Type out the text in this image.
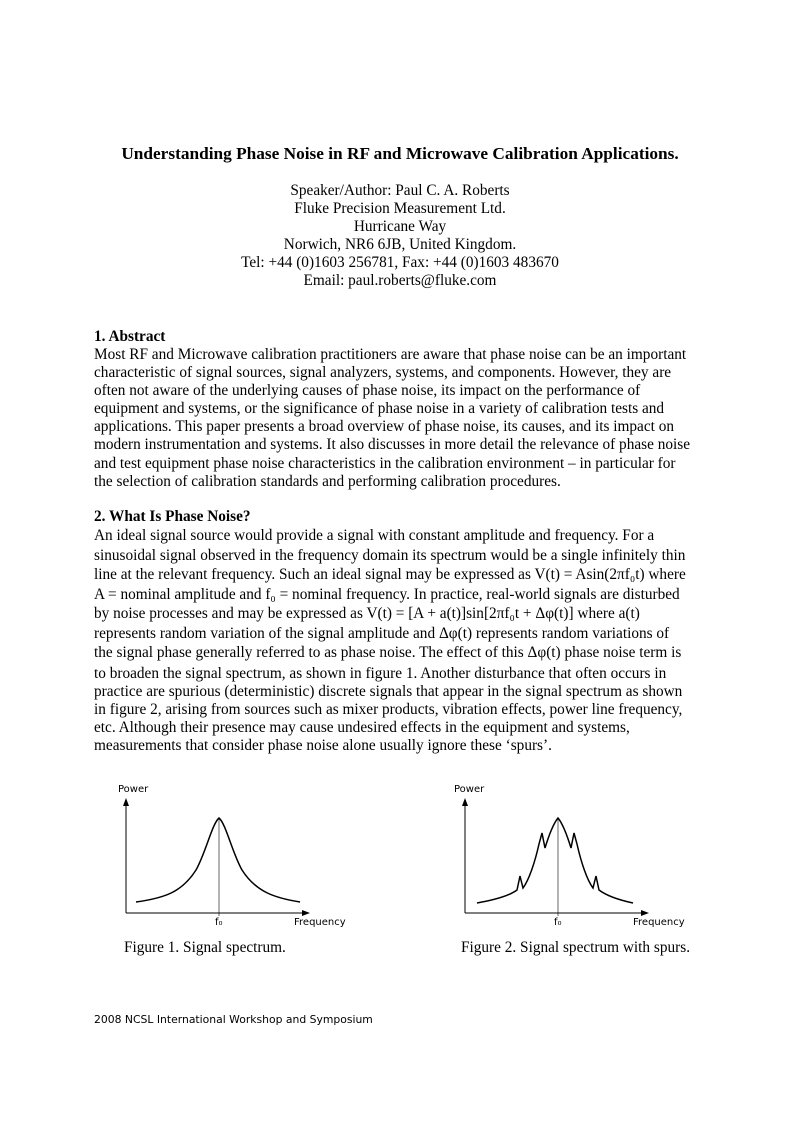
Understanding Phase Noise in RF and Microwave Calibration Applications.
Speaker/Author: Paul C. A. Roberts
Fluke Precision Measurement Ltd.
Hurricane Way
Norwich, NR6 6JB, United Kingdom.
Tel: +44 (0)1603 256781, Fax: +44 (0)1603 483670
Email: paul.roberts@fluke.com
1. Abstract
Most RF and Microwave calibration practitioners are aware that phase noise can be an important
characteristic of signal sources, signal analyzers, systems, and components. However, they are
often not aware of the underlying causes of phase noise, its impact on the performance of
equipment and systems, or the significance of phase noise in a variety of calibration tests and
applications. This paper presents a broad overview of phase noise, its causes, and its impact on
modern instrumentation and systems. It also discusses in more detail the relevance of phase noise
and test equipment phase noise characteristics in the calibration environment – in particular for
the selection of calibration standards and performing calibration procedures.
2. What Is Phase Noise?
An ideal signal source would provide a signal with constant amplitude and frequency. For a
sinusoidal signal observed in the frequency domain its spectrum would be a single infinitely thin
line at the relevant frequency. Such an ideal signal may be expressed as V(t) = Asin(2πf₀t) where
A = nominal amplitude and f₀ = nominal frequency. In practice, real-world signals are disturbed
by noise processes and may be expressed as V(t) = [A + a(t)]sin[2πf₀t + Δφ(t)] where a(t)
represents random variation of the signal amplitude and Δφ(t) represents random variations of
the signal phase generally referred to as phase noise. The effect of this Δφ(t) phase noise term is
to broaden the signal spectrum, as shown in figure 1. Another disturbance that often occurs in
practice are spurious (deterministic) discrete signals that appear in the signal spectrum as shown
in figure 2, arising from sources such as mixer products, vibration effects, power line frequency,
etc. Although their presence may cause undesired effects in the equipment and systems,
measurements that consider phase noise alone usually ignore these ‘spurs’.
Power
f₀	Frequency
Figure 1. Signal spectrum.
Power
f₀	Frequency
Figure 2. Signal spectrum with spurs.
2008 NCSL International Workshop and Symposium
